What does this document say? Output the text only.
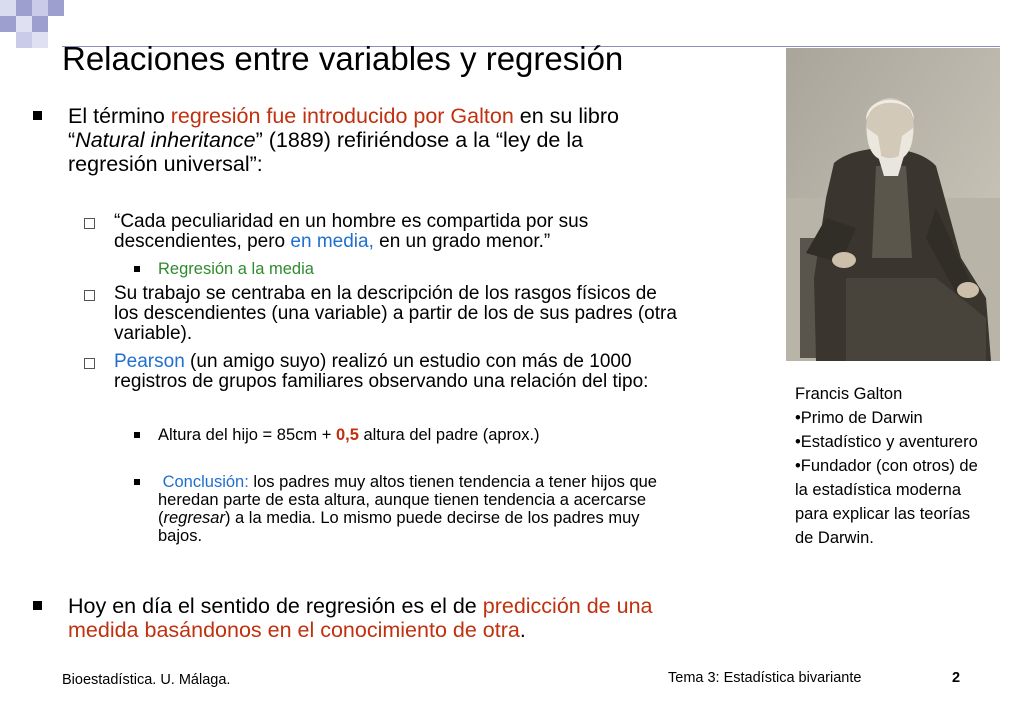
Relaciones entre variables y regresión
El término regresión fue introducido por Galton en su libro
“Natural inheritance” (1889) refiriéndose a la “ley de la
regresión universal”:
“Cada peculiaridad en un hombre es compartida por sus
descendientes, pero en media, en un grado menor.”
Regresión a la media
Su trabajo se centraba en la descripción de los rasgos físicos de
los descendientes (una variable) a partir de los de sus padres (otra
variable).
Pearson (un amigo suyo) realizó un estudio con más de 1000
registros de grupos familiares observando una relación del tipo:
Altura del hijo = 85cm + 0,5 altura del padre (aprox.)
Conclusión: los padres muy altos tienen tendencia a tener hijos que
heredan parte de esta altura, aunque tienen tendencia a acercarse
(regresar) a la media. Lo mismo puede decirse de los padres muy
bajos.
Hoy en día el sentido de regresión es el de predicción de una
medida basándonos en el conocimiento de otra.
Francis Galton
•Primo de Darwin
•Estadístico y aventurero
•Fundador (con otros) de
la estadística moderna
para explicar las teorías
de Darwin.
Bioestadística. U. Málaga.	Tema 3: Estadística bivariante	2
